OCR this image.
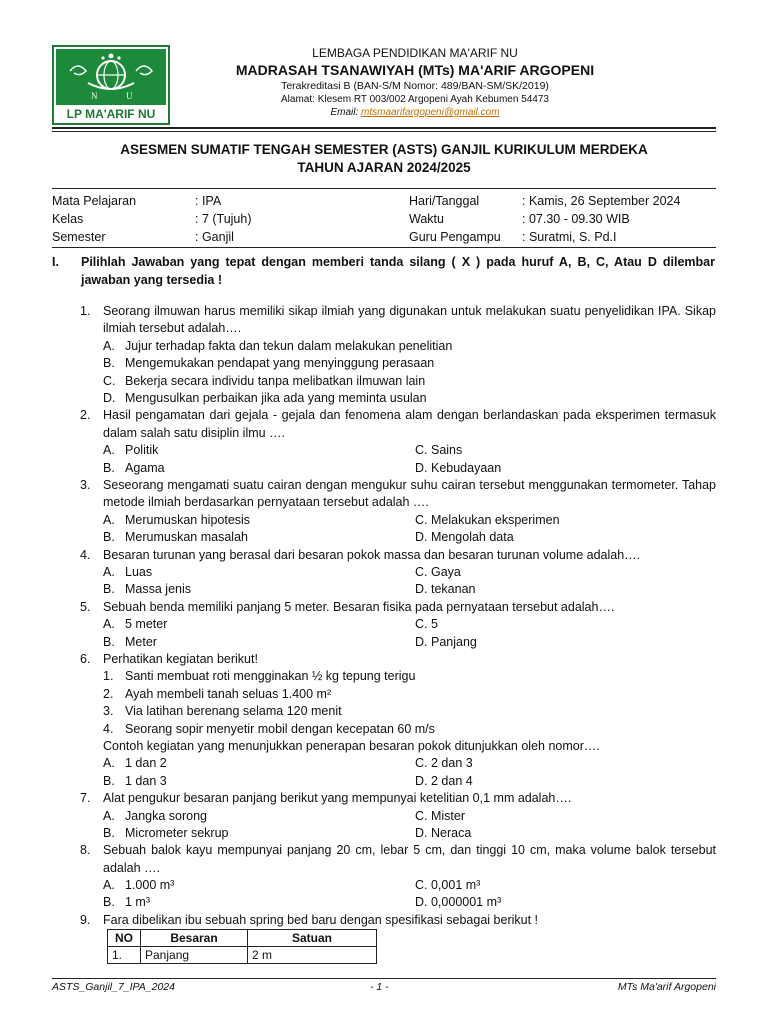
N	U
LP MA'ARIF NU
LEMBAGA PENDIDIKAN MA'ARIF NU
MADRASAH TSANAWIYAH (MTs) MA'ARIF ARGOPENI
Terakreditasi B (BAN-S/M Nomor: 489/BAN-SM/SK/2019)
Alamat: Klesem RT 003/002 Argopeni Ayah Kebumen 54473
Email: mtsmaarifargopeni@gmail.com
ASESMEN SUMATIF TENGAH SEMESTER (ASTS) GANJIL KURIKULUM MERDEKA
TAHUN AJARAN 2024/2025
Mata Pelajaran	: IPA	Hari/Tanggal	: Kamis, 26 September 2024
Kelas	: 7 (Tujuh)	Waktu	: 07.30 - 09.30 WIB
Semester	: Ganjil	Guru Pengampu : Suratmi, S. Pd.I
I. Pilihlah Jawaban yang tepat dengan memberi tanda silang ( X ) pada huruf A, B, C, Atau D dilembar jawaban yang tersedia !
1. Seorang ilmuwan harus memiliki sikap ilmiah yang digunakan untuk melakukan suatu penyelidikan IPA. Sikap ilmiah tersebut adalah….
A. Jujur terhadap fakta dan tekun dalam melakukan penelitian
B. Mengemukakan pendapat yang menyinggung perasaan
C. Bekerja secara individu tanpa melibatkan ilmuwan lain
D. Mengusulkan perbaikan jika ada yang meminta usulan
2. Hasil pengamatan dari gejala - gejala dan fenomena alam dengan berlandaskan pada eksperimen termasuk dalam salah satu disiplin ilmu ….
A. Politik	C. Sains
B. Agama	D. Kebudayaan
3. Seseorang mengamati suatu cairan dengan mengukur suhu cairan tersebut menggunakan termometer. Tahap metode ilmiah berdasarkan pernyataan tersebut adalah ….
A. Merumuskan hipotesis	C. Melakukan eksperimen
B. Merumuskan masalah	D. Mengolah data
4. Besaran turunan yang berasal dari besaran pokok massa dan besaran turunan volume adalah….
A. Luas	C. Gaya
B. Massa jenis	D. tekanan
5. Sebuah benda memiliki panjang 5 meter. Besaran fisika pada pernyataan tersebut adalah….
A. 5 meter	C. 5
B. Meter	D. Panjang
6. Perhatikan kegiatan berikut!
1. Santi membuat roti mengginakan ½ kg tepung terigu
2. Ayah membeli tanah seluas 1.400 m²
3. Via latihan berenang selama 120 menit
4. Seorang sopir menyetir mobil dengan kecepatan 60 m/s
Contoh kegiatan yang menunjukkan penerapan besaran pokok ditunjukkan oleh nomor….
A. 1 dan 2	C. 2 dan 3
B. 1 dan 3	D. 2 dan 4
7. Alat pengukur besaran panjang berikut yang mempunyai ketelitian 0,1 mm adalah….
A. Jangka sorong	C. Mister
B. Micrometer sekrup	D. Neraca
8. Sebuah balok kayu mempunyai panjang 20 cm, lebar 5 cm, dan tinggi 10 cm, maka volume balok tersebut adalah ….
A. 1.000 m³	C. 0,001 m³
B. 1 m³	D. 0,000001 m³
9. Fara dibelikan ibu sebuah spring bed baru dengan spesifikasi sebagai berikut !
NO	Besaran	Satuan
1.	Panjang	2 m
ASTS_Ganjil_7_IPA_2024	- 1 -	MTs Ma'arif Argopeni
